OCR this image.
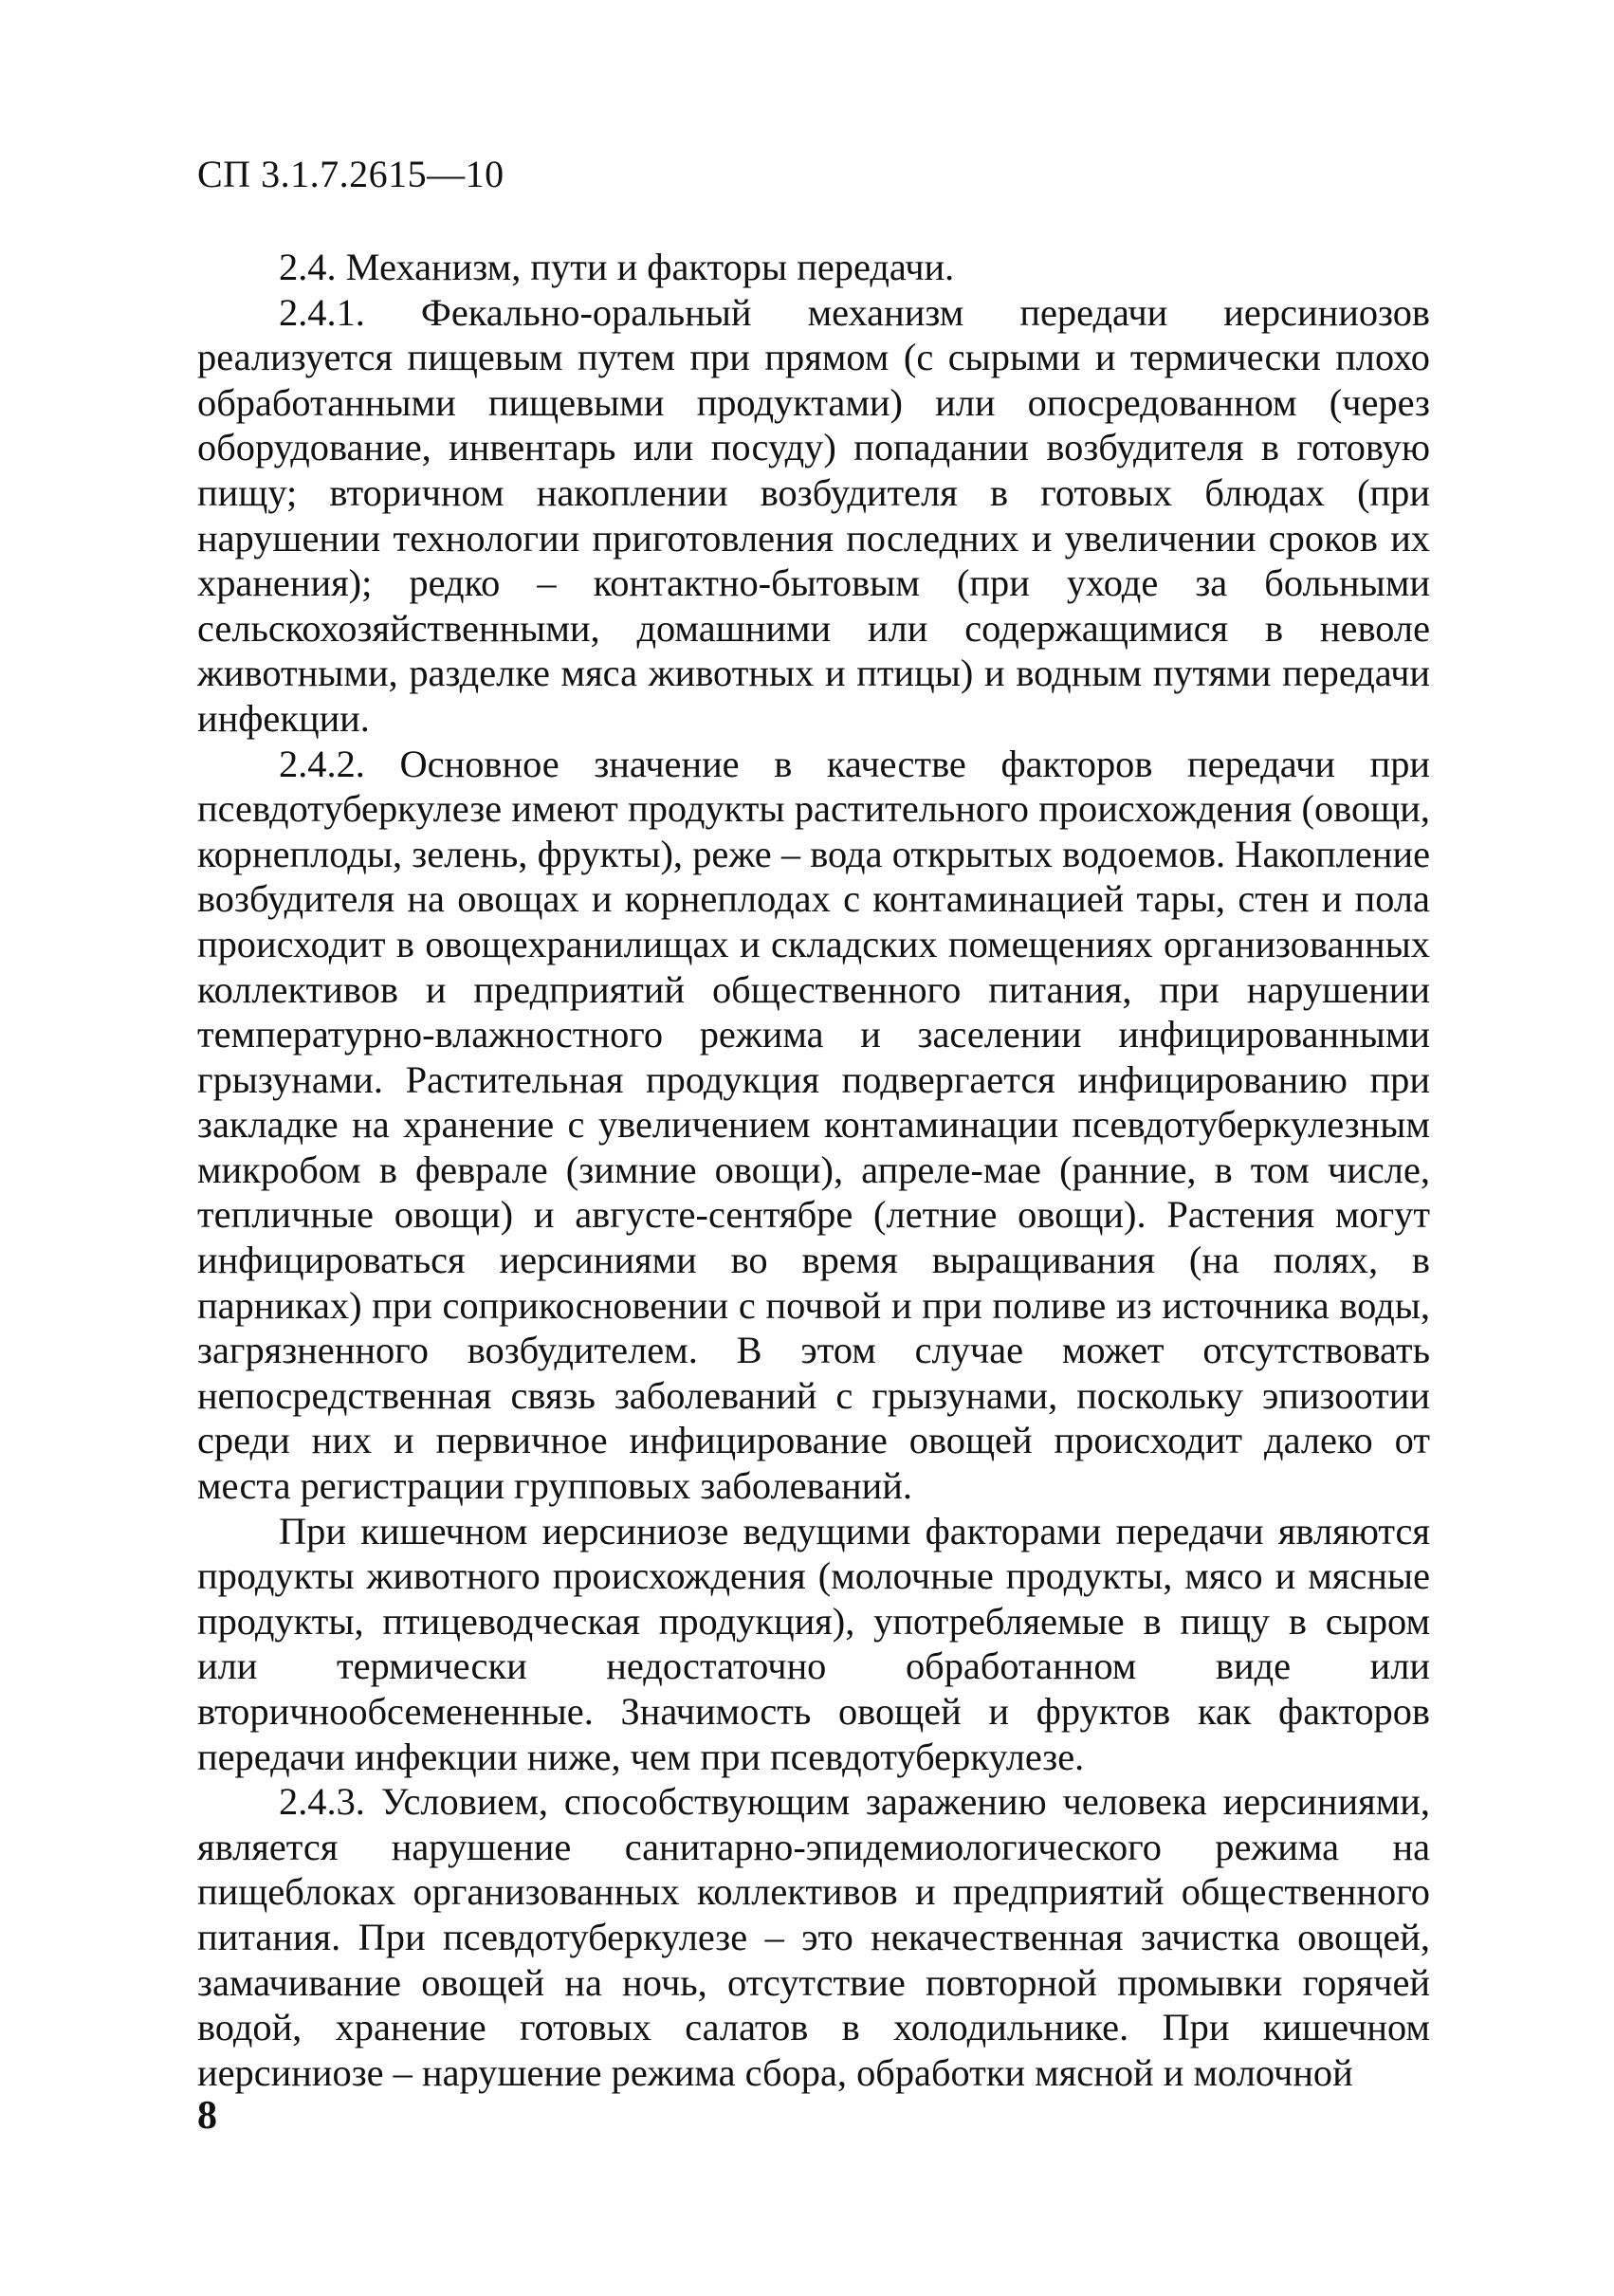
СП 3.1.7.2615—10

2.4. Механизм, пути и факторы передачи.

2.4.1. Фекально-оральный механизм передачи иерсиниозов реализуется пищевым путем при прямом (с сырыми и термически плохо обработанными пищевыми продуктами) или опосредованном (через оборудование, инвентарь или посуду) попадании возбудителя в готовую пищу; вторичном накоплении возбудителя в готовых блюдах (при нарушении технологии приготовления последних и увеличении сроков их хранения); редко – контактно-бытовым (при уходе за больными сельскохозяйственными, домашними или содержащимися в неволе животными, разделке мяса животных и птицы) и водным путями передачи инфекции.

2.4.2. Основное значение в качестве факторов передачи при псевдотуберкулезе имеют продукты растительного происхождения (овощи, корнеплоды, зелень, фрукты), реже – вода открытых водоемов. Накопление возбудителя на овощах и корнеплодах с контаминацией тары, стен и пола происходит в овощехранилищах и складских помещениях организованных коллективов и предприятий общественного питания, при нарушении температурно-влажностного режима и заселении инфицированными грызунами. Растительная продукция подвергается инфицированию при закладке на хранение с увеличением контаминации псевдотуберкулезным микробом в феврале (зимние овощи), апреле-мае (ранние, в том числе, тепличные овощи) и августе-сентябре (летние овощи). Растения могут инфицироваться иерсиниями во время выращивания (на полях, в парниках) при соприкосновении с почвой и при поливе из источника воды, загрязненного возбудителем. В этом случае может отсутствовать непосредственная связь заболеваний с грызунами, поскольку эпизоотии среди них и первичное инфицирование овощей происходит далеко от места регистрации групповых заболеваний.

При кишечном иерсиниозе ведущими факторами передачи являются продукты животного происхождения (молочные продукты, мясо и мясные продукты, птицеводческая продукция), употребляемые в пищу в сыром или термически недостаточно обработанном виде или вторичнообсемененные. Значимость овощей и фруктов как факторов передачи инфекции ниже, чем при псевдотуберкулезе.

2.4.3. Условием, способствующим заражению человека иерсиниями, является нарушение санитарно-эпидемиологического режима на пищеблоках организованных коллективов и предприятий общественного питания. При псевдотуберкулезе – это некачественная зачистка овощей, замачивание овощей на ночь, отсутствие повторной промывки горячей водой, хранение готовых салатов в холодильнике. При кишечном иерсиниозе – нарушение режима сбора, обработки мясной и молочной

8
